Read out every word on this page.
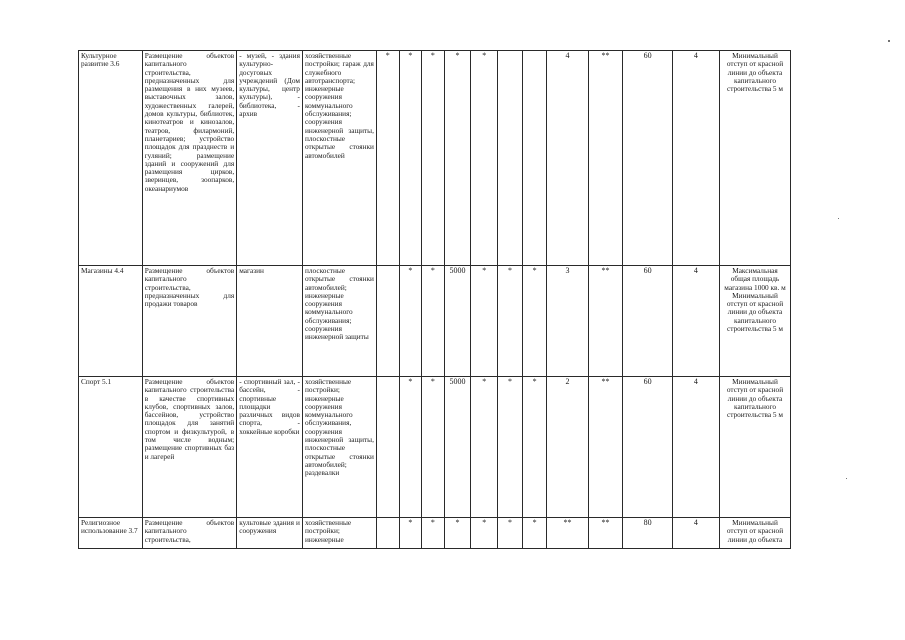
Культурное развитие 3.6	Размещение объектов капитального строительства, предназначенных для размещения в них музеев, выставочных залов, художественных галерей, домов культуры, библиотек, кинотеатров и кинозалов, театров, филармоний, планетариев; устройство площадок для празднеств и гуляний; размещение зданий и сооружений для размещения цирков, зверинцев, зоопарков, океанариумов	- музей, - здания культурно-досуговых учреждений (Дом культуры, центр культуры), - библиотека, - архив	хозяйственные постройки; гараж для служебного автотранспорта; инженерные сооружения коммунального обслуживания; сооружения инженерной защиты, плоскостные открытые стоянки автомобилей	*	*	*	*	*			4	**	60	4	Минимальный отступ от красной линии до объекта капитального строительства 5 м
Магазины 4.4	Размещение объектов капитального строительства, предназначенных для продажи товаров	магазин	плоскостные открытые стоянки автомобилей; инженерные сооружения коммунального обслуживания; сооружения инженерной защиты		*	*	5000	*	*	*	3	**	60	4	Максимальная общая площадь магазина 1000 кв. м Минимальный отступ от красной линии до объекта капитального строительства 5 м
Спорт 5.1	Размещение объектов капитального строительства в качестве спортивных клубов, спортивных залов, бассейнов, устройство площадок для занятий спортом и физкультурой, в том числе водным; размещение спортивных баз и лагерей	- спортивный зал, - бассейн, - спортивные площадки различных видов спорта, - хоккейные коробки	хозяйственные постройки; инженерные сооружения коммунального обслуживания, сооружения инженерной защиты, плоскостные открытые стоянки автомобилей; раздевалки		*	*	5000	*	*	*	2	**	60	4	Минимальный отступ от красной линии до объекта капитального строительства 5 м
Религиозное использование 3.7	Размещение объектов капитального строительства,	культовые здания и сооружения	хозяйственные постройки; инженерные		*	*	*	*	*	*	**	**	80	4	Минимальный отступ от красной линии до объекта
